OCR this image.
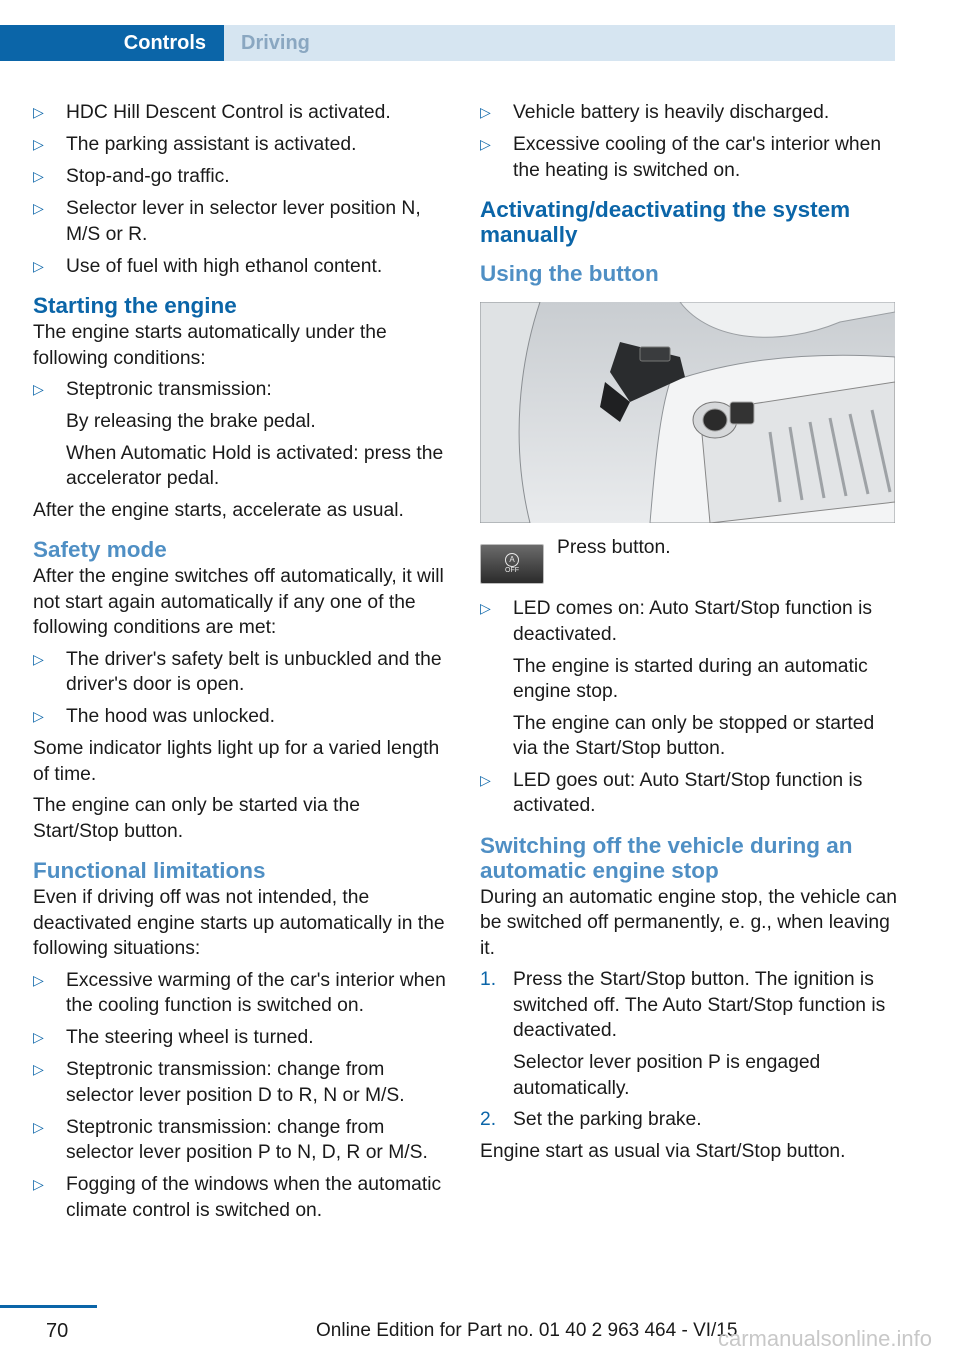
Controls	Driving
▷ HDC Hill Descent Control is activated.
▷ The parking assistant is activated.
▷ Stop-and-go traffic.
▷ Selector lever in selector lever position N, M/S or R.
▷ Use of fuel with high ethanol content.
Starting the engine
The engine starts automatically under the following conditions:
▷ Steptronic transmission:
By releasing the brake pedal.
When Automatic Hold is activated: press the accelerator pedal.
After the engine starts, accelerate as usual.
Safety mode
After the engine switches off automatically, it will not start again automatically if any one of the following conditions are met:
▷ The driver's safety belt is unbuckled and the driver's door is open.
▷ The hood was unlocked.
Some indicator lights light up for a varied length of time.
The engine can only be started via the Start/Stop button.
Functional limitations
Even if driving off was not intended, the deactivated engine starts up automatically in the following situations:
▷ Excessive warming of the car's interior when the cooling function is switched on.
▷ The steering wheel is turned.
▷ Steptronic transmission: change from selector lever position D to R, N or M/S.
▷ Steptronic transmission: change from selector lever position P to N, D, R or M/S.
▷ Fogging of the windows when the automatic climate control is switched on.
▷ Vehicle battery is heavily discharged.
▷ Excessive cooling of the car's interior when the heating is switched on.
Activating/deactivating the system manually
Using the button
A
OFF
Press button.
▷ LED comes on: Auto Start/Stop function is deactivated.
The engine is started during an automatic engine stop.
The engine can only be stopped or started via the Start/Stop button.
▷ LED goes out: Auto Start/Stop function is activated.
Switching off the vehicle during an automatic engine stop
During an automatic engine stop, the vehicle can be switched off permanently, e. g., when leaving it.
1. Press the Start/Stop button. The ignition is switched off. The Auto Start/Stop function is deactivated.
Selector lever position P is engaged automatically.
2. Set the parking brake.
Engine start as usual via Start/Stop button.
70	Online Edition for Part no. 01 40 2 963 464 - VI/15
carmanualsonline.info
